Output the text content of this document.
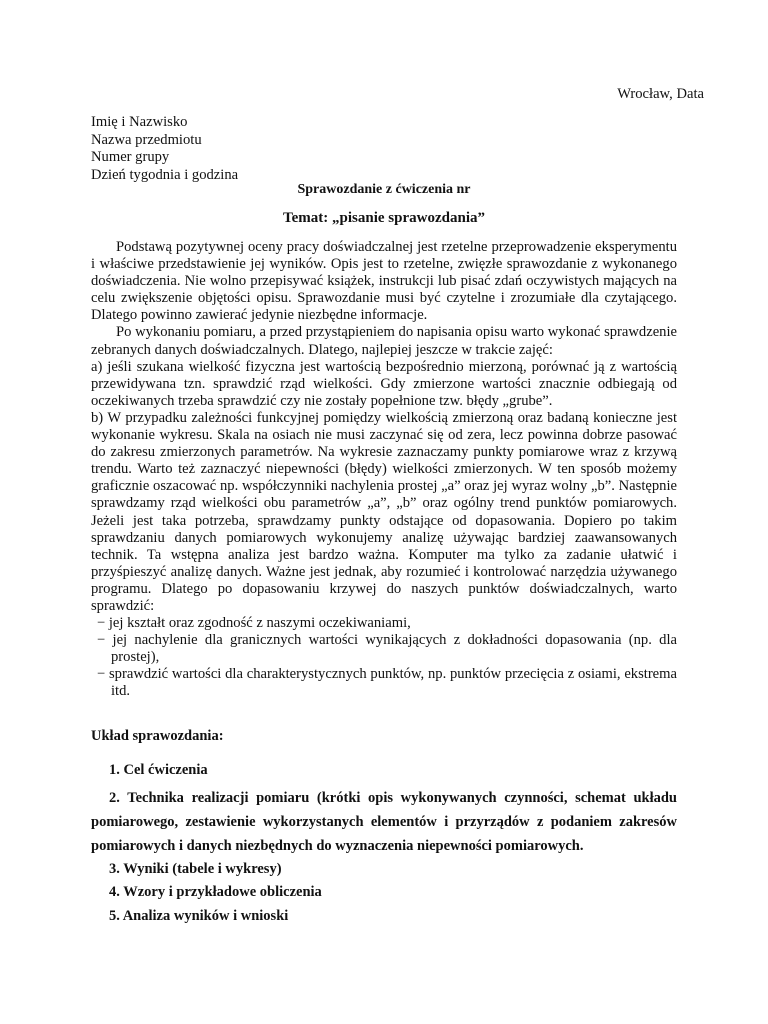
Wrocław, Data

Imię i Nazwisko
Nazwa przedmiotu
Numer grupy
Dzień tygodnia i godzina
Sprawozdanie z ćwiczenia nr
Temat: „pisanie sprawozdania”

Podstawą pozytywnej oceny pracy doświadczalnej jest rzetelne przeprowadzenie eksperymentu i właściwe przedstawienie jej wyników. Opis jest to rzetelne, zwięzłe sprawozdanie z wykonanego doświadczenia. Nie wolno przepisywać książek, instrukcji lub pisać zdań oczywistych mających na celu zwiększenie objętości opisu. Sprawozdanie musi być czytelne i zrozumiałe dla czytającego. Dlatego powinno zawierać jedynie niezbędne informacje.

Po wykonaniu pomiaru, a przed przystąpieniem do napisania opisu warto wykonać sprawdzenie zebranych danych doświadczalnych. Dlatego, najlepiej jeszcze w trakcie zajęć:

a) jeśli szukana wielkość fizyczna jest wartością bezpośrednio mierzoną, porównać ją z wartością przewidywana tzn. sprawdzić rząd wielkości. Gdy zmierzone wartości znacznie odbiegają od oczekiwanych trzeba sprawdzić czy nie zostały popełnione tzw. błędy „grube”.

b) W przypadku zależności funkcyjnej pomiędzy wielkością zmierzoną oraz badaną konieczne jest wykonanie wykresu. Skala na osiach nie musi zaczynać się od zera, lecz powinna dobrze pasować do zakresu zmierzonych parametrów. Na wykresie zaznaczamy punkty pomiarowe wraz z krzywą trendu. Warto też zaznaczyć niepewności (błędy) wielkości zmierzonych. W ten sposób możemy graficznie oszacować np. współczynniki nachylenia prostej „a” oraz jej wyraz wolny „b”. Następnie sprawdzamy rząd wielkości obu parametrów „a”, „b” oraz ogólny trend punktów pomiarowych. Jeżeli jest taka potrzeba, sprawdzamy punkty odstające od dopasowania. Dopiero po takim sprawdzaniu danych pomiarowych wykonujemy analizę używając bardziej zaawansowanych technik. Ta wstępna analiza jest bardzo ważna. Komputer ma tylko za zadanie ułatwić i przyśpieszyć analizę danych. Ważne jest jednak, aby rozumieć i kontrolować narzędzia używanego programu. Dlatego po dopasowaniu krzywej do naszych punktów doświadczalnych, warto sprawdzić:

− jej kształt oraz zgodność z naszymi oczekiwaniami,

− jej nachylenie dla granicznych wartości wynikających z dokładności dopasowania (np. dla prostej),

− sprawdzić wartości dla charakterystycznych punktów, np. punktów przecięcia z osiami, ekstrema itd.

Układ sprawozdania:
1. Cel ćwiczenia
2. Technika realizacji pomiaru (krótki opis wykonywanych czynności, schemat układu pomiarowego, zestawienie wykorzystanych elementów i przyrządów z podaniem zakresów pomiarowych i danych niezbędnych do wyznaczenia niepewności pomiarowych.
3. Wyniki (tabele i wykresy)
4. Wzory i przykładowe obliczenia
5. Analiza wyników i wnioski
